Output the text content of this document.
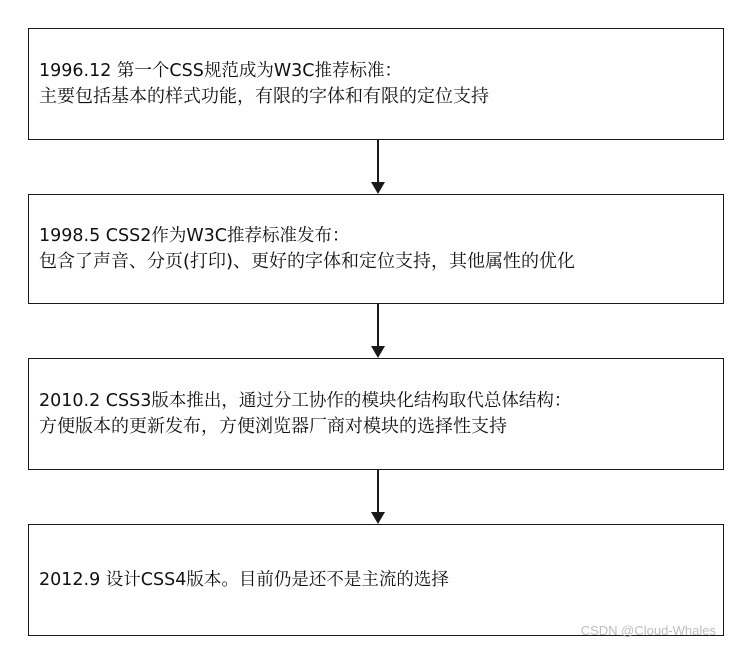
1996.12 第一个CSS规范成为W3C推荐标准：
主要包括基本的样式功能，有限的字体和有限的定位支持
1998.5 CSS2作为W3C推荐标准发布：
包含了声音、分页(打印)、更好的字体和定位支持，其他属性的优化
2010.2 CSS3版本推出，通过分工协作的模块化结构取代总体结构：
方便版本的更新发布，方便浏览器厂商对模块的选择性支持
2012.9 设计CSS4版本。目前仍是还不是主流的选择
CSDN @Cloud-Whales
